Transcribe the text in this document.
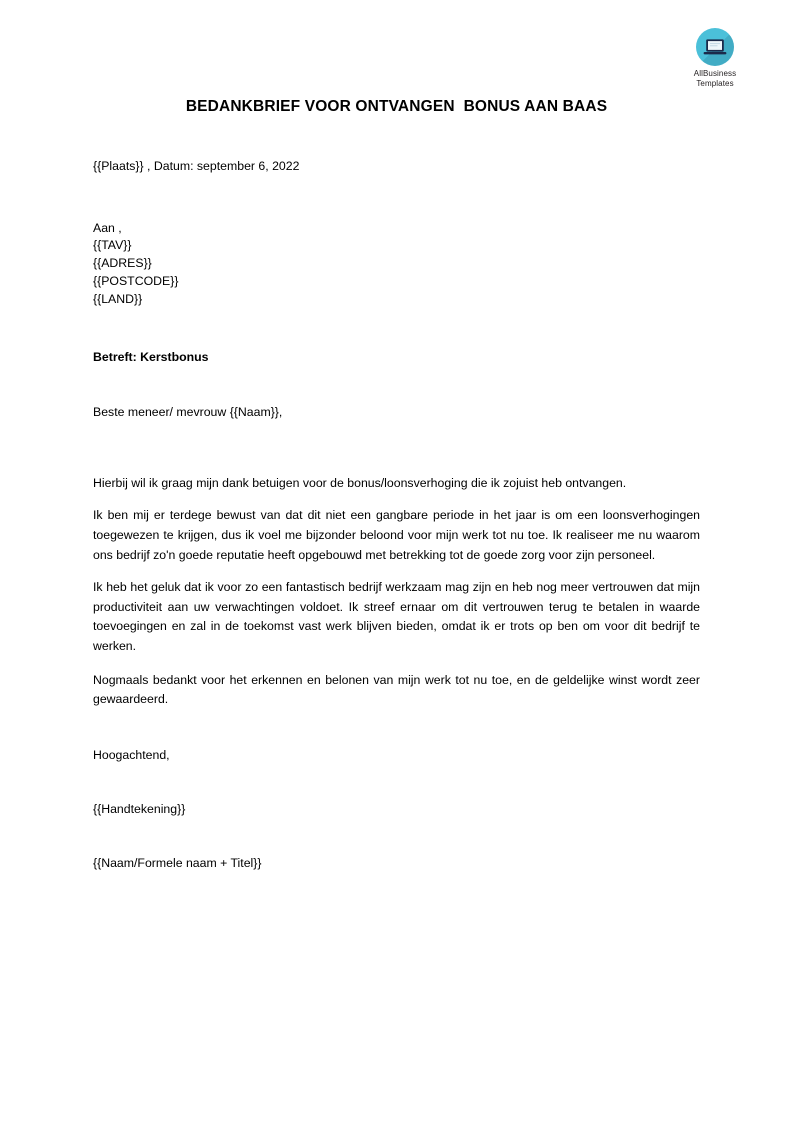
AllBusiness
Templates
BEDANKBRIEF VOOR ONTVANGEN  BONUS AAN BAAS
{{Plaats}} , Datum: september 6, 2022
Aan ,
{{TAV}}
{{ADRES}}
{{POSTCODE}}
{{LAND}}
Betreft: Kerstbonus
Beste meneer/ mevrouw {{Naam}},

Hierbij wil ik graag mijn dank betuigen voor de bonus/loonsverhoging die ik zojuist heb ontvangen.

Ik ben mij er terdege bewust van dat dit niet een gangbare periode in het jaar is om een loonsverhogingen toegewezen te krijgen, dus ik voel me bijzonder beloond voor mijn werk tot nu toe. Ik realiseer me nu waarom ons bedrijf zo'n goede reputatie heeft opgebouwd met betrekking tot de goede zorg voor zijn personeel.

Ik heb het geluk dat ik voor zo een fantastisch bedrijf werkzaam mag zijn en heb nog meer vertrouwen dat mijn productiviteit aan uw verwachtingen voldoet. Ik streef ernaar om dit vertrouwen terug te betalen in waarde toevoegingen en zal in de toekomst vast werk blijven bieden, omdat ik er trots op ben om voor dit bedrijf te werken.

Nogmaals bedankt voor het erkennen en belonen van mijn werk tot nu toe, en de geldelijke winst wordt zeer gewaardeerd.

Hoogachtend,
{{Handtekening}}
{{Naam/Formele naam + Titel}}
